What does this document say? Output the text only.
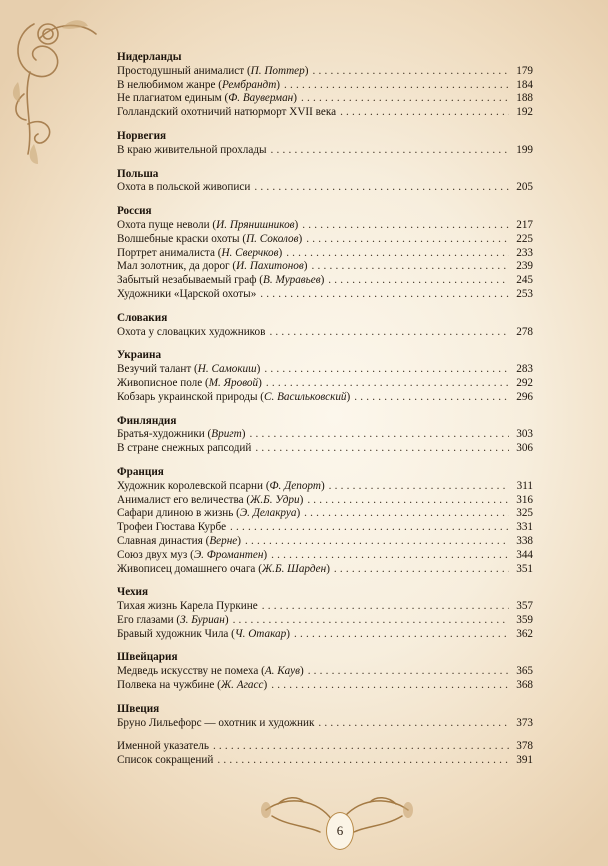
Нидерланды
Простодушный анималист (П. Поттер) .....	179
В нелюбимом жанре (Рембрандт) .....	184
Не плагиатом единым (Ф. Вауверман) .....	188
Голландский охотничий натюрморт XVII века .....	192
Норвегия
В краю живительной прохлады .....	199
Польша
Охота в польской живописи .....	205
Россия
Охота пуще неволи (И. Прянишников) .....	217
Волшебные краски охоты (П. Соколов) .....	225
Портрет анималиста (Н. Сверчков) .....	233
Мал золотник, да дорог (И. Пахитонов) .....	239
Забытый незабываемый граф (В. Муравьев) .....	245
Художники «Царской охоты» .....	253
Словакия
Охота у словацких художников .....	278
Украина
Везучий талант (Н. Самокиш) .....	283
Живописное поле (М. Яровой) .....	292
Кобзарь украинской природы (С. Васильковский) .....	296
Финляндия
Братья-художники (Вригт) .....	303
В стране снежных рапсодий .....	306
Франция
Художник королевской псарни (Ф. Депорт) .....	311
Анималист его величества (Ж.Б. Удри) .....	316
Сафари длиною в жизнь (Э. Делакруа) .....	325
Трофеи Гюстава Курбе .....	331
Славная династия (Верне) .....	338
Союз двух муз (Э. Фромантен) .....	344
Живописец домашнего очага (Ж.Б. Шарден) .....	351
Чехия
Тихая жизнь Карела Пуркине .....	357
Его глазами (З. Буриан) .....	359
Бравый художник Чила (Ч. Отакар) .....	362
Швейцария
Медведь искусству не помеха (А. Каув) .....	365
Полвека на чужбине (Ж. Агасс) .....	368
Швеция
Бруно Лильефорс — охотник и художник .....	373
Именной указатель .....	378
Список сокращений .....	391
6
